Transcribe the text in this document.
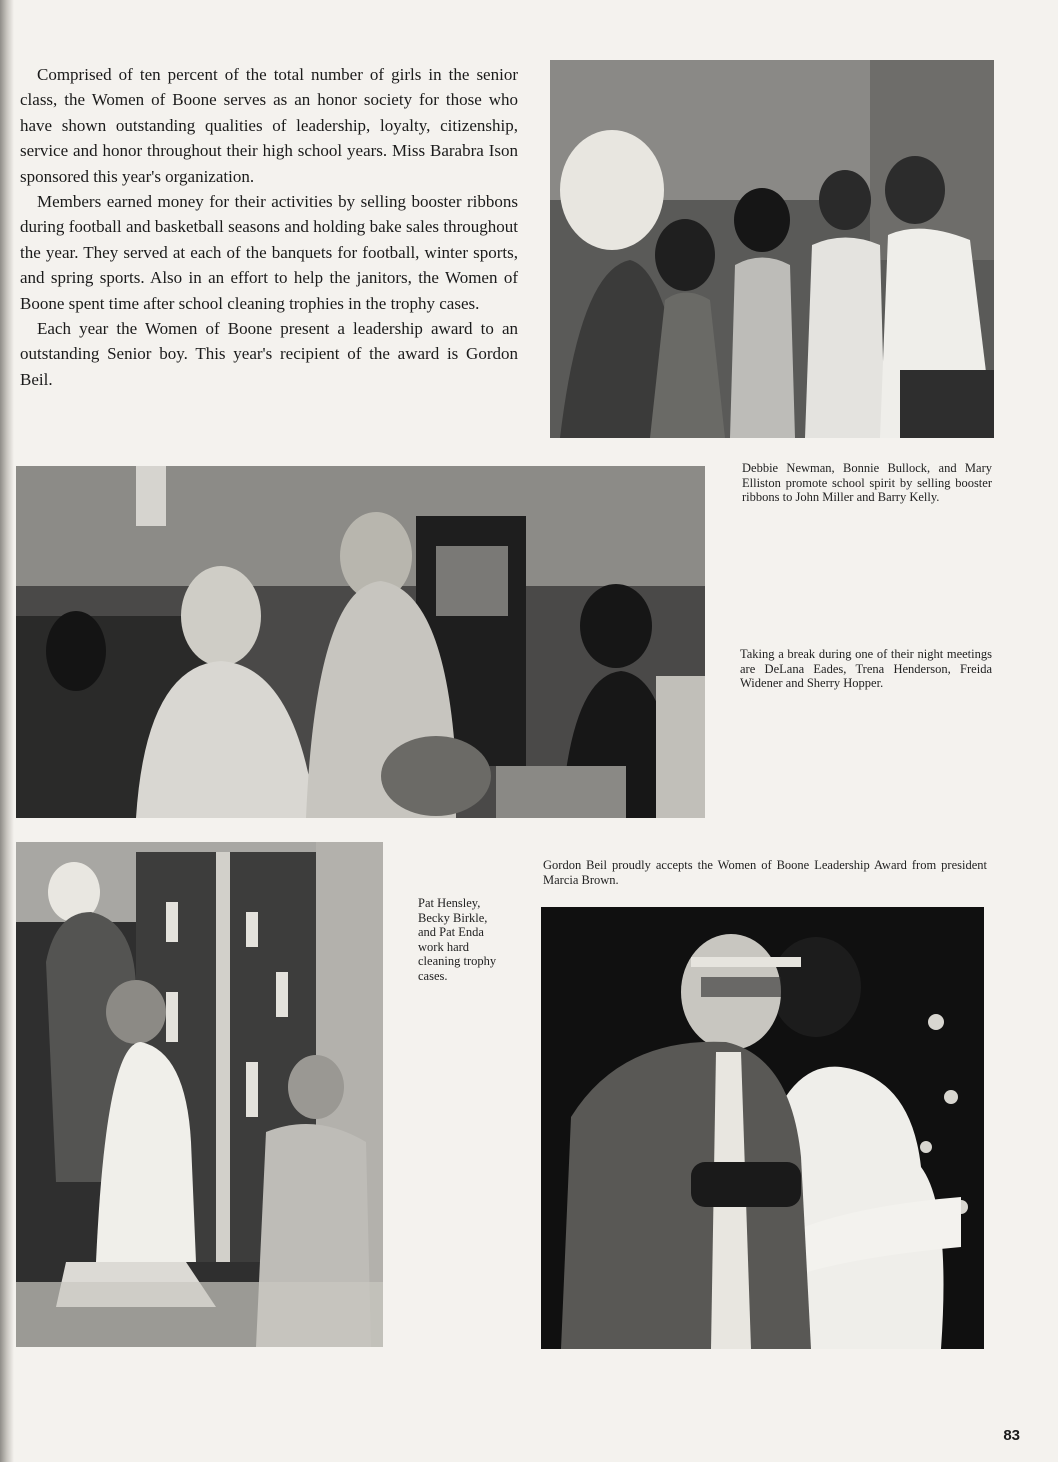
Comprised of ten percent of the total number of girls in the senior class, the Women of Boone serves as an honor society for those who have shown outstanding qualities of leadership, loyalty, citizenship, service and honor throughout their high school years. Miss Barabra Ison sponsored this year's organization.

Members earned money for their activities by selling booster ribbons during football and basketball seasons and holding bake sales throughout the year. They served at each of the banquets for football, winter sports, and spring sports. Also in an effort to help the janitors, the Women of Boone spent time after school cleaning trophies in the trophy cases.

Each year the Women of Boone present a leadership award to an outstanding Senior boy. This year's recipient of the award is Gordon Beil.

Debbie Newman, Bonnie Bullock, and Mary Elliston promote school spirit by selling booster ribbons to John Miller and Barry Kelly.
Taking a break during one of their night meetings are DeLana Eades, Trena Henderson, Freida Widener and Sherry Hopper.
Pat Hensley, Becky Birkle, and Pat Enda work hard cleaning trophy cases.
Gordon Beil proudly accepts the Women of Boone Leadership Award from president Marcia Brown.
83
